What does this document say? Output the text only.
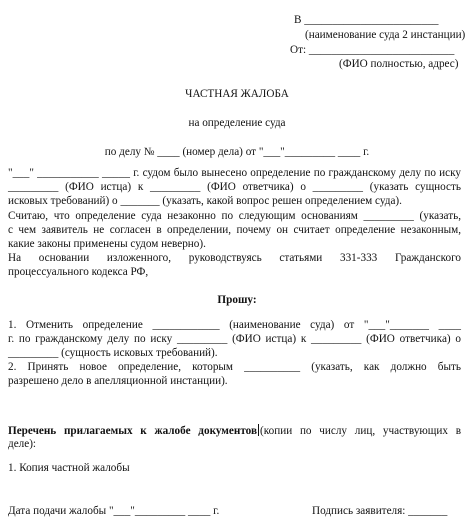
В ________________________
(наименование суда 2 инстанции)
От: __________________________
(ФИО полностью, адрес)
ЧАСТНАЯ ЖАЛОБА
на определение суда
по делу № ____ (номер дела) от "___"_________ ____ г.
"___" ___________ _____ г. судом было вынесено определение по гражданскому делу по иску
_________ (ФИО истца) к _________ (ФИО ответчика) о _________ (указать сущность
исковых требований) о _______ (указать, какой вопрос решен определением суда).
Считаю, что определение суда незаконно по следующим основаниям _________ (указать,
с чем заявитель не согласен в определении, почему он считает определение незаконным,
какие законы применены судом неверно).
На основании изложенного, руководствуясь статьями 331-333 Гражданского
процессуального кодекса РФ,
Прошу:
1. Отменить определение ____________ (наименование суда) от "___"_______ ____
г. по гражданскому делу по иску _________ (ФИО истца) к _________ (ФИО ответчика) о
_________ (сущность исковых требований).
2. Принять новое определение, которым __________ (указать, как должно быть
разрешено дело в апелляционной инстанции).
Перечень прилагаемых к жалобе документов (копии по числу лиц, участвующих в
деле):
1. Копия частной жалобы
Дата подачи жалобы "___"_________ ____ г.	Подпись заявителя: _______
